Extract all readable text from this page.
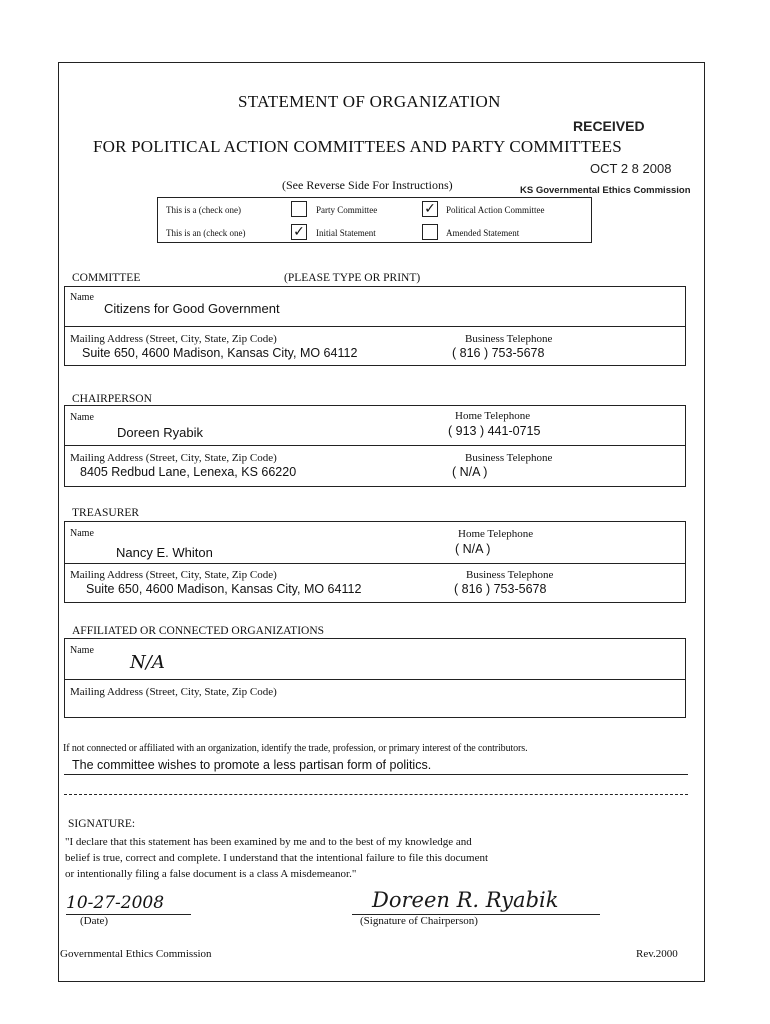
STATEMENT OF ORGANIZATION
FOR POLITICAL ACTION COMMITTEES AND PARTY COMMITTEES
(See Reverse Side For Instructions)
RECEIVED
OCT 2 8 2008
KS Governmental Ethics Commission
This is a (check one)	Party Committee	✓ Political Action Committee
This is an (check one)	✓ Initial Statement	Amended Statement
COMMITTEE	(PLEASE TYPE OR PRINT)
Name
Citizens for Good Government
Mailing Address (Street, City, State, Zip Code)
Suite 650, 4600 Madison, Kansas City, MO 64112
Business Telephone
( 816 ) 753-5678
CHAIRPERSON
Name
Doreen Ryabik
Home Telephone
( 913 ) 441-0715
Mailing Address (Street, City, State, Zip Code)
8405 Redbud Lane, Lenexa, KS 66220
Business Telephone
( N/A )
TREASURER
Name
Nancy E. Whiton
Home Telephone
( N/A )
Mailing Address (Street, City, State, Zip Code)
Suite 650, 4600 Madison, Kansas City, MO 64112
Business Telephone
( 816 ) 753-5678
AFFILIATED OR CONNECTED ORGANIZATIONS
Name
N/A
Mailing Address (Street, City, State, Zip Code)
If not connected or affiliated with an organization, identify the trade, profession, or primary interest of the contributors.
The committee wishes to promote a less partisan form of politics.
SIGNATURE:
"I declare that this statement has been examined by me and to the best of my knowledge and
belief is true, correct and complete. I understand that the intentional failure to file this document
or intentionally filing a false document is a class A misdemeanor."
10-27-2008
(Date)
Doreen R. Ryabik
(Signature of Chairperson)
Governmental Ethics Commission	Rev.2000
